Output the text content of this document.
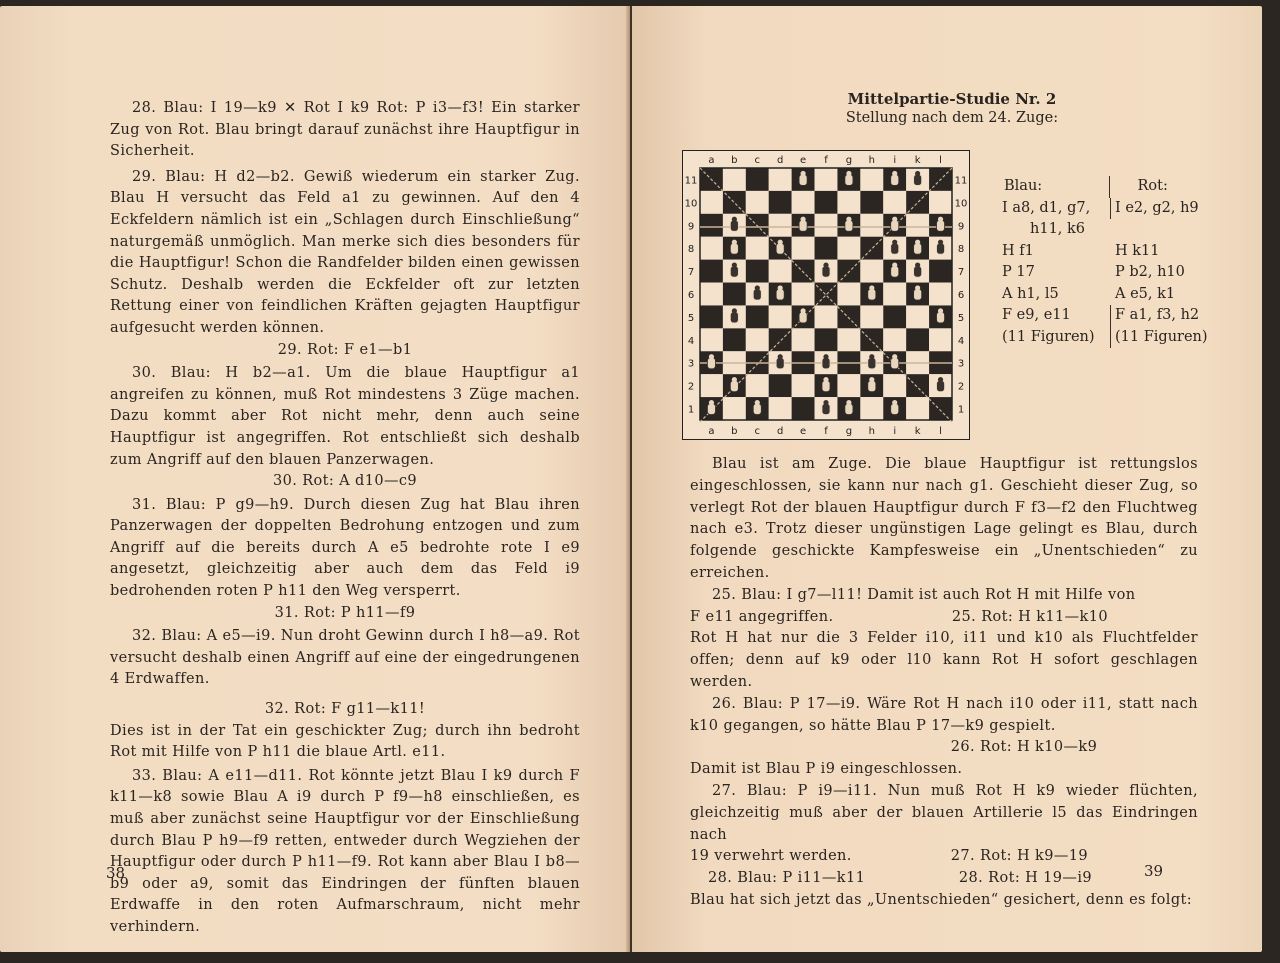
28. Blau: I 19—k9 ✕ Rot I k9 Rot: P i3—f3! Ein starker Zug von Rot. Blau bringt darauf zunächst ihre Hauptfigur in Sicherheit.

29. Blau: H d2—b2. Gewiß wiederum ein starker Zug. Blau H versucht das Feld a1 zu gewinnen. Auf den 4 Eckfeldern nämlich ist ein „Schlagen durch Einschließung“ naturgemäß unmöglich. Man merke sich dies besonders für die Hauptfigur! Schon die Randfelder bilden einen gewissen Schutz. Deshalb werden die Eckfelder oft zur letzten Rettung einer von feindlichen Kräften gejagten Hauptfigur aufgesucht werden können.

29. Rot: F e1—b1

30. Blau: H b2—a1. Um die blaue Hauptfigur a1 angreifen zu können, muß Rot mindestens 3 Züge machen. Dazu kommt aber Rot nicht mehr, denn auch seine Hauptfigur ist angegriffen. Rot entschließt sich deshalb zum Angriff auf den blauen Panzerwagen.

30. Rot: A d10—c9

31. Blau: P g9—h9. Durch diesen Zug hat Blau ihren Panzerwagen der doppelten Bedrohung entzogen und zum Angriff auf die bereits durch A e5 bedrohte rote I e9 angesetzt, gleichzeitig aber auch dem das Feld i9 bedrohenden roten P h11 den Weg versperrt.

31. Rot: P h11—f9

32. Blau: A e5—i9. Nun droht Gewinn durch I h8—a9. Rot versucht deshalb einen Angriff auf eine der eingedrungenen 4 Erdwaffen.

32. Rot: F g11—k11!

Dies ist in der Tat ein geschickter Zug; durch ihn bedroht Rot mit Hilfe von P h11 die blaue Artl. e11.

33. Blau: A e11—d11. Rot könnte jetzt Blau I k9 durch F k11—k8 sowie Blau A i9 durch P f9—h8 einschließen, es muß aber zunächst seine Hauptfigur vor der Einschließung durch Blau P h9—f9 retten, entweder durch Wegziehen der Hauptfigur oder durch P h11—f9. Rot kann aber Blau I b8—b9 oder a9, somit das Eindringen der fünften blauen Erdwaffe in den roten Aufmarschraum, nicht mehr verhindern.

38

Mittelpartie-Studie Nr. 2

Stellung nach dem 24. Zuge:

a b c d e f g h i k l
a b c d e f g h i k l
11
10
9
8
7
6
5
4
3
2
1
11
10
9
8
7
6
5
4
3
2
1
Blau:	Rot:
I a8, d1, g7,	I e2, g2, h9
h11, k6
H f1	H k11
P 17	P b2, h10
A h1, l5	A e5, k1
F e9, e11	F a1, f3, h2
(11 Figuren)	(11 Figuren)

Blau ist am Zuge. Die blaue Hauptfigur ist rettungslos eingeschlossen, sie kann nur nach g1. Geschieht dieser Zug, so verlegt Rot der blauen Hauptfigur durch F f3—f2 den Fluchtweg nach e3. Trotz dieser ungünstigen Lage gelingt es Blau, durch folgende geschickte Kampfesweise ein „Unentschieden“ zu erreichen.

25. Blau: I g7—l11! Damit ist auch Rot H mit Hilfe von

F e11 angegriffen.	25. Rot: H k11—k10

Rot H hat nur die 3 Felder i10, i11 und k10 als Fluchtfelder offen; denn auf k9 oder l10 kann Rot H sofort geschlagen werden.

26. Blau: P 17—i9. Wäre Rot H nach i10 oder i11, statt nach k10 gegangen, so hätte Blau P 17—k9 gespielt.

26. Rot: H k10—k9

Damit ist Blau P i9 eingeschlossen.

27. Blau: P i9—i11. Nun muß Rot H k9 wieder flüchten, gleichzeitig muß aber der blauen Artillerie l5 das Eindringen nach

19 verwehrt werden.	27. Rot: H k9—19
28. Blau: P i11—k11	28. Rot: H 19—i9

Blau hat sich jetzt das „Unentschieden“ gesichert, denn es folgt:

39
